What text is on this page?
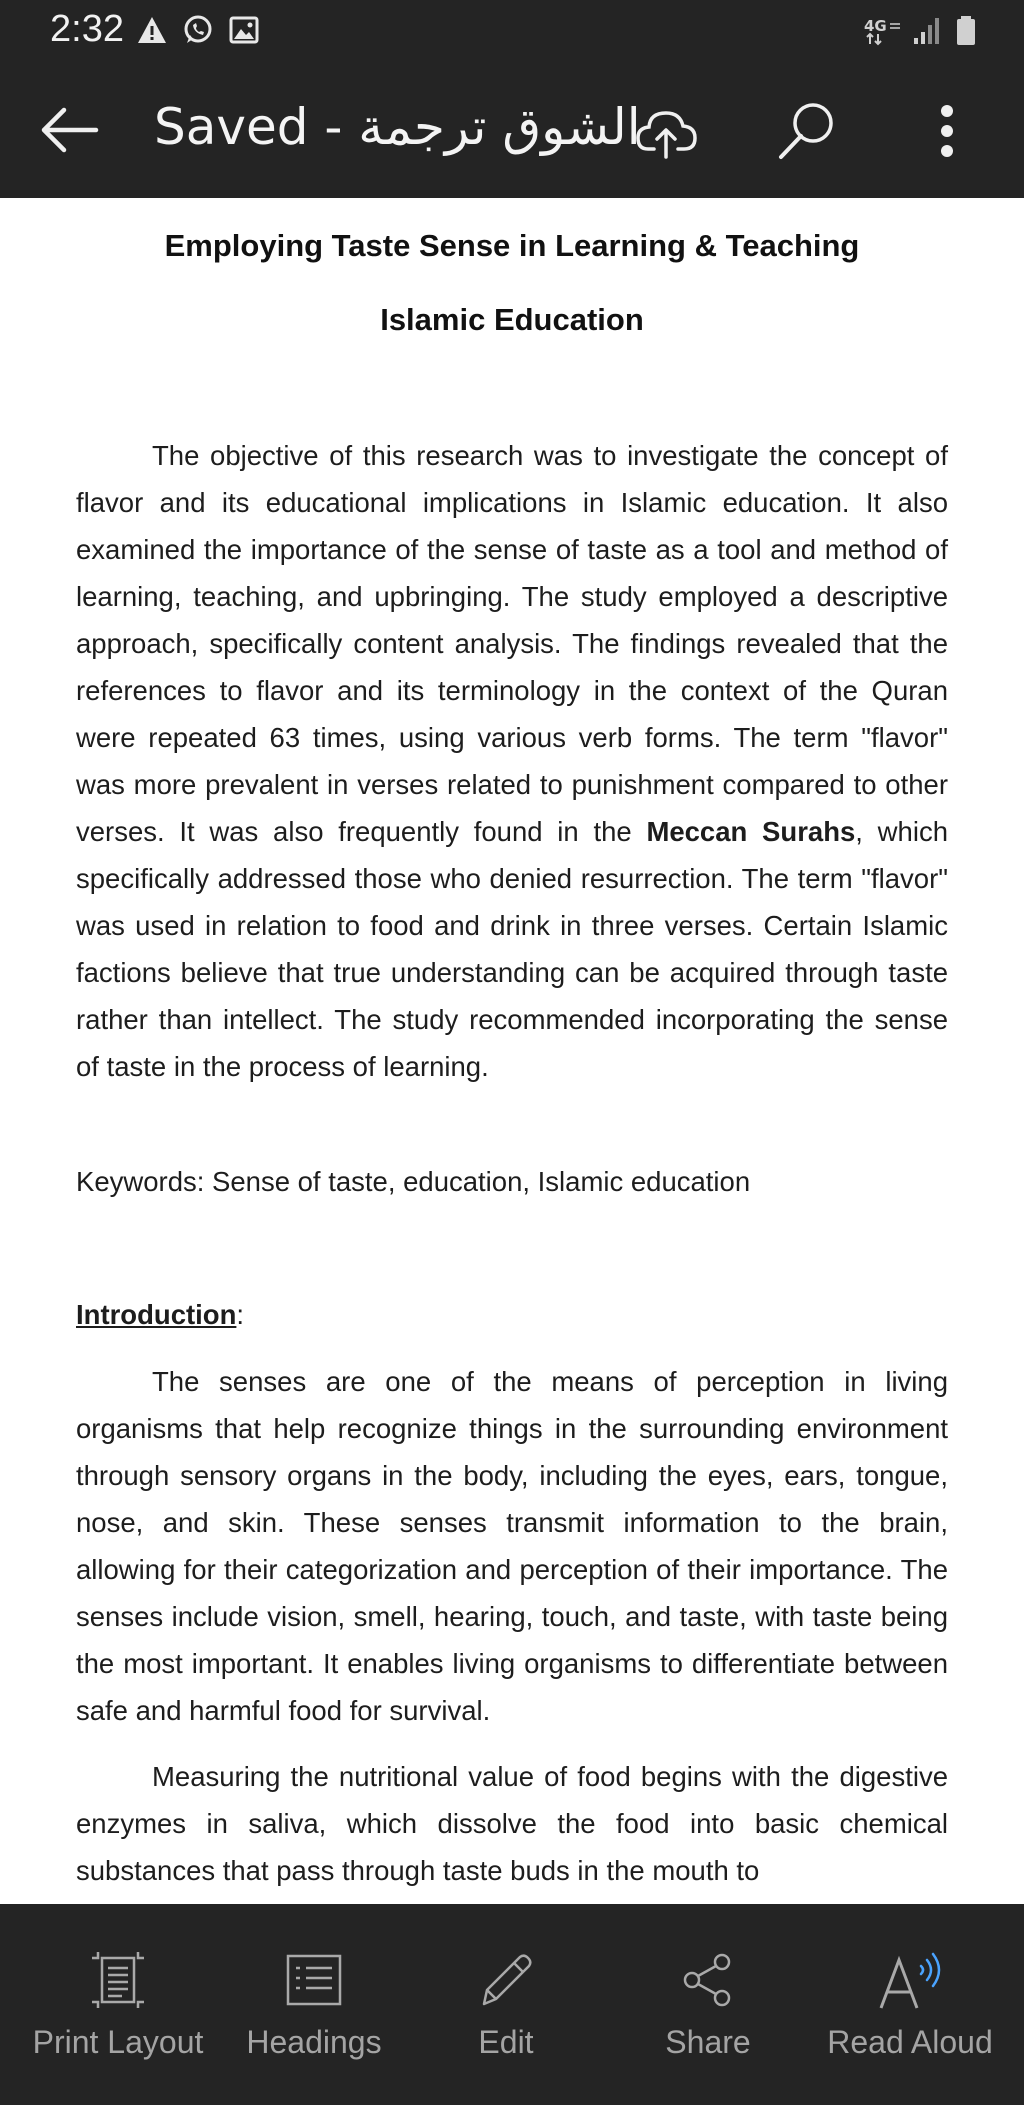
2:32	4G
Saved - الشوق ترجمة
Employing Taste Sense in Learning & Teaching
Islamic Education

The objective of this research was to investigate the concept of flavor and its educational implications in Islamic education. It also examined the importance of the sense of taste as a tool and method of learning, teaching, and upbringing. The study employed a descriptive approach, specifically content analysis. The findings revealed that the references to flavor and its terminology in the context of the Quran were repeated 63 times, using various verb forms. The term "flavor" was more prevalent in verses related to punishment compared to other verses. It was also frequently found in the Meccan Surahs, which specifically addressed those who denied resurrection. The term "flavor" was used in relation to food and drink in three verses. Certain Islamic factions believe that true understanding can be acquired through taste rather than intellect. The study recommended incorporating the sense of taste in the process of learning.

Keywords: Sense of taste, education, Islamic education
Introduction:

The senses are one of the means of perception in living organisms that help recognize things in the surrounding environment through sensory organs in the body, including the eyes, ears, tongue, nose, and skin. These senses transmit information to the brain, allowing for their categorization and perception of their importance. The senses include vision, smell, hearing, touch, and taste, with taste being the most important. It enables living organisms to differentiate between safe and harmful food for survival.

Measuring the nutritional value of food begins with the digestive enzymes in saliva, which dissolve the food into basic chemical substances that pass through taste buds in the mouth to

Print Layout Headings	Edit	Share Read Aloud
